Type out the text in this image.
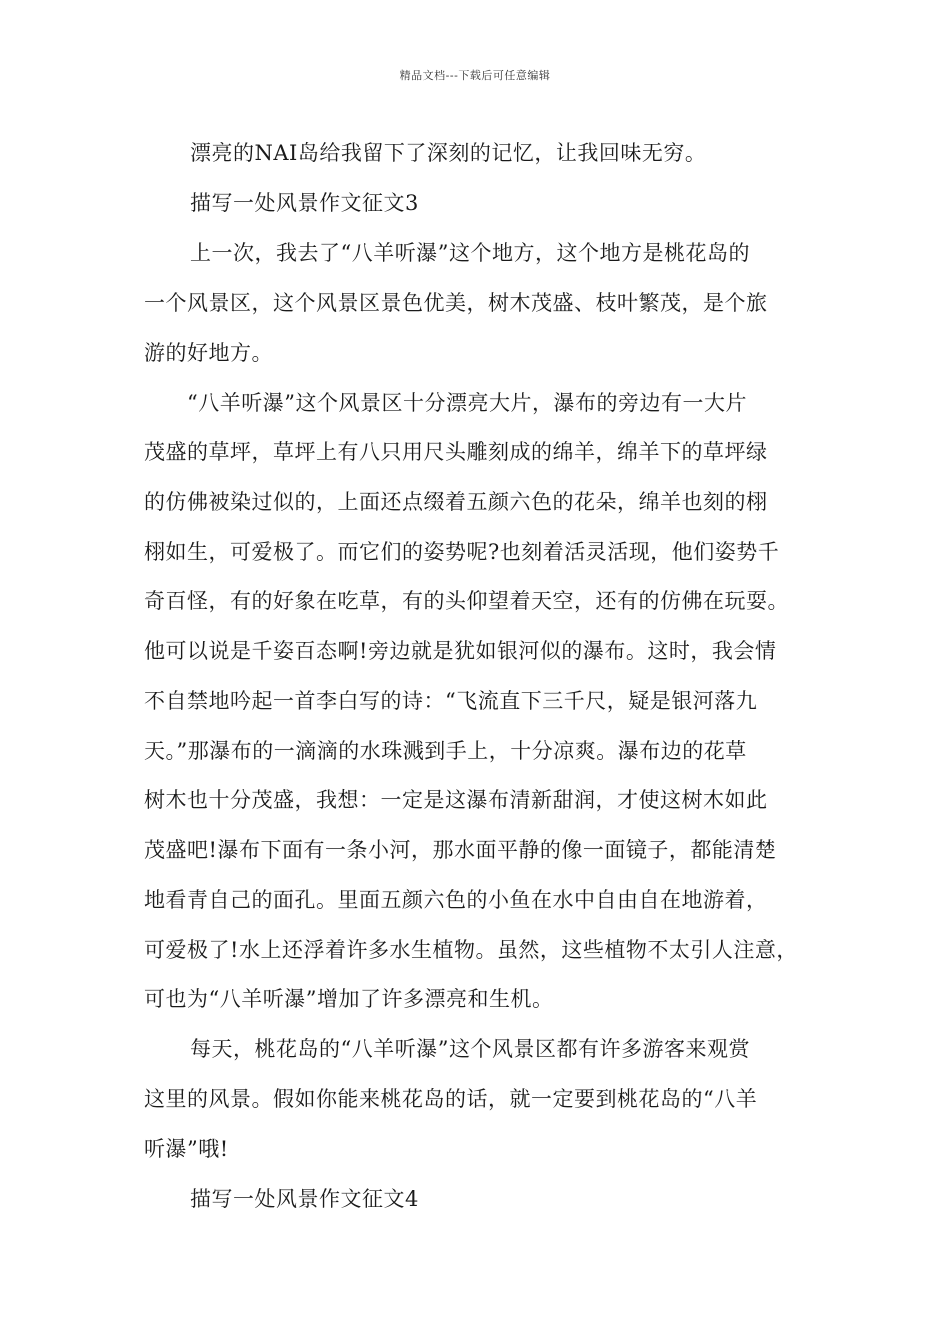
精品文档---下载后可任意编辑
漂亮的NAI岛给我留下了深刻的记忆，让我回味无穷。
描写一处风景作文征文3
上一次，我去了“八羊听瀑”这个地方，这个地方是桃花岛的
一个风景区，这个风景区景色优美，树木茂盛、枝叶繁茂，是个旅
游的好地方。
“八羊听瀑”这个风景区十分漂亮大片，瀑布的旁边有一大片
茂盛的草坪，草坪上有八只用尺头雕刻成的绵羊，绵羊下的草坪绿
的仿佛被染过似的，上面还点缀着五颜六色的花朵，绵羊也刻的栩
栩如生，可爱极了。而它们的姿势呢?也刻着活灵活现，他们姿势千
奇百怪，有的好象在吃草，有的头仰望着天空，还有的仿佛在玩耍。
他可以说是千姿百态啊!旁边就是犹如银河似的瀑布。这时，我会情
不自禁地吟起一首李白写的诗：“飞流直下三千尺，疑是银河落九
天。”那瀑布的一滴滴的水珠溅到手上，十分凉爽。瀑布边的花草
树木也十分茂盛，我想：一定是这瀑布清新甜润，才使这树木如此
茂盛吧!瀑布下面有一条小河，那水面平静的像一面镜子，都能清楚
地看青自己的面孔。里面五颜六色的小鱼在水中自由自在地游着，
可爱极了!水上还浮着许多水生植物。虽然，这些植物不太引人注意，
可也为“八羊听瀑”增加了许多漂亮和生机。
每天，桃花岛的“八羊听瀑”这个风景区都有许多游客来观赏
这里的风景。假如你能来桃花岛的话，就一定要到桃花岛的“八羊
听瀑”哦!
描写一处风景作文征文4
